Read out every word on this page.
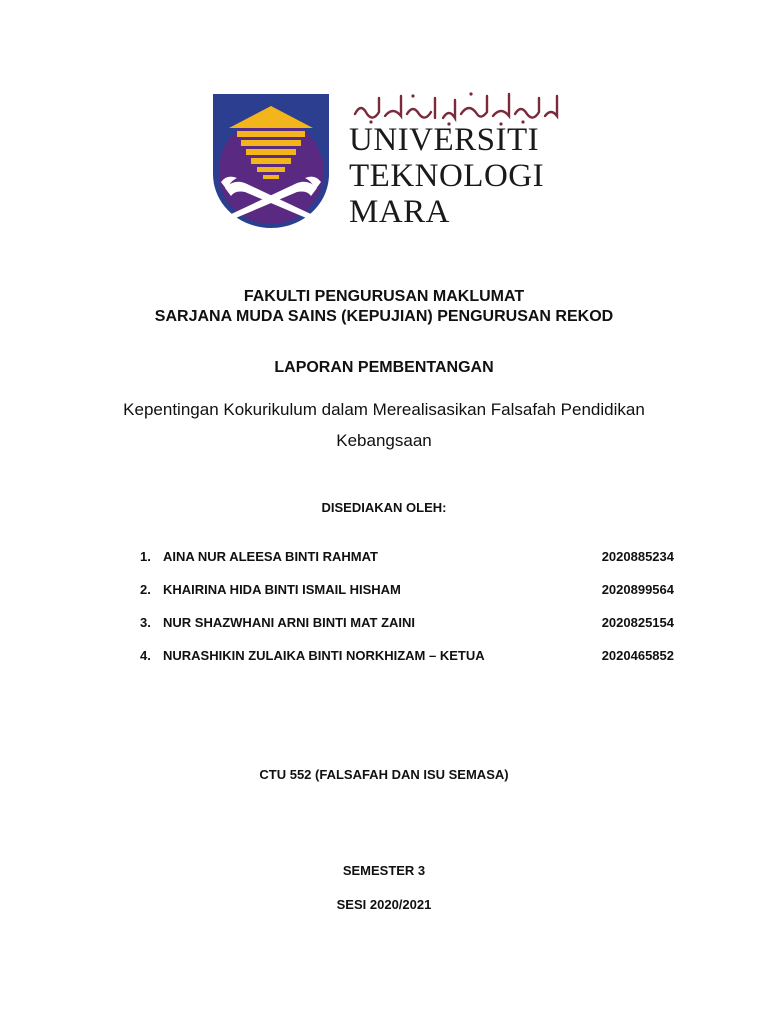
UNIVERSITI
TEKNOLOGI
MARA
FAKULTI PENGURUSAN MAKLUMAT
SARJANA MUDA SAINS (KEPUJIAN) PENGURUSAN REKOD
LAPORAN PEMBENTANGAN
Kepentingan Kokurikulum dalam Merealisasikan Falsafah Pendidikan Kebangsaan
DISEDIAKAN OLEH:
1. AINA NUR ALEESA BINTI RAHMAT	2020885234
2. KHAIRINA HIDA BINTI ISMAIL HISHAM	2020899564
3. NUR SHAZWHANI ARNI BINTI MAT ZAINI	2020825154
4. NURASHIKIN ZULAIKA BINTI NORKHIZAM – KETUA	2020465852
CTU 552 (FALSAFAH DAN ISU SEMASA)
SEMESTER 3
SESI 2020/2021
